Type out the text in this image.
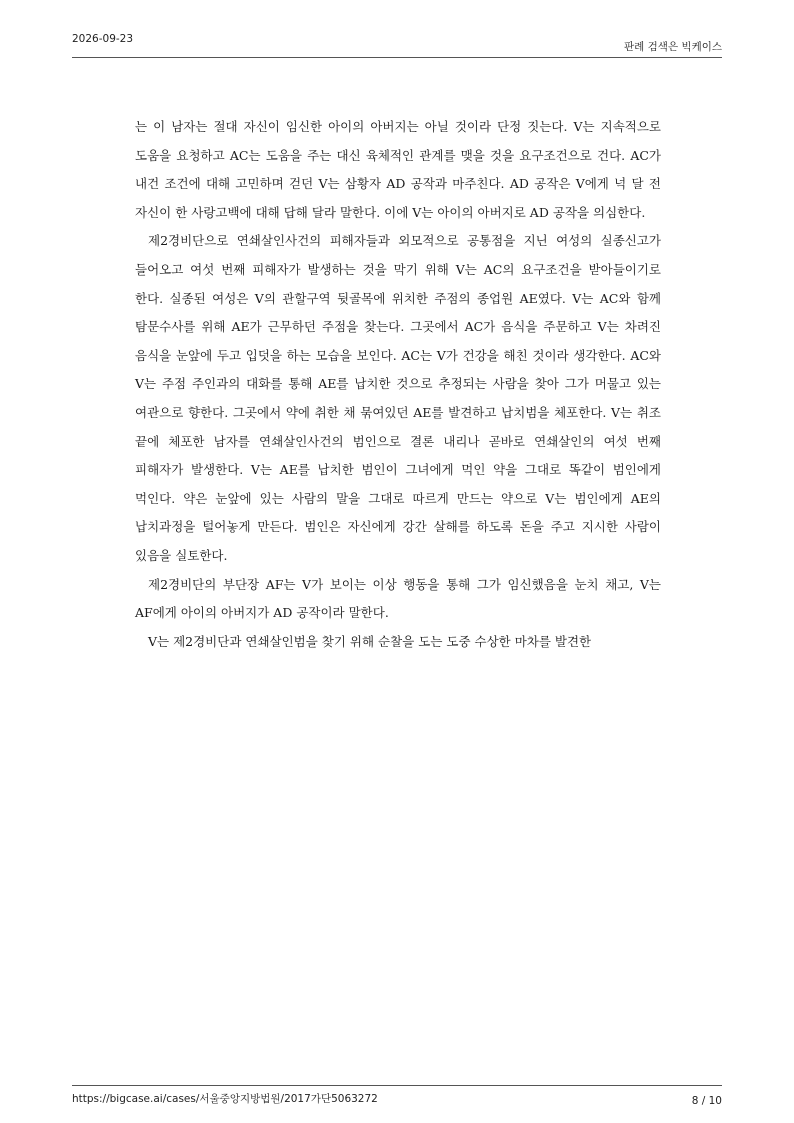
2026-09-23
판례 검색은 빅케이스

는 이 남자는 절대 자신이 임신한 아이의 아버지는 아닐 것이라 단정 짓는다. V는 지속적으로 도움을 요청하고 AC는 도움을 주는 대신 육체적인 관계를 맺을 것을 요구조건으로 건다. AC가 내건 조건에 대해 고민하며 걷던 V는 삼황자 AD 공작과 마주친다. AD 공작은 V에게 넉 달 전 자신이 한 사랑고백에 대해 답해 달라 말한다. 이에 V는 아이의 아버지로 AD 공작을 의심한다.

제2경비단으로 연쇄살인사건의 피해자들과 외모적으로 공통점을 지닌 여성의 실종신고가 들어오고 여섯 번째 피해자가 발생하는 것을 막기 위해 V는 AC의 요구조건을 받아들이기로 한다. 실종된 여성은 V의 관할구역 뒷골목에 위치한 주점의 종업원 AE였다. V는 AC와 함께 탐문수사를 위해 AE가 근무하던 주점을 찾는다. 그곳에서 AC가 음식을 주문하고 V는 차려진 음식을 눈앞에 두고 입덧을 하는 모습을 보인다. AC는 V가 건강을 해친 것이라 생각한다. AC와 V는 주점 주인과의 대화를 통해 AE를 납치한 것으로 추정되는 사람을 찾아 그가 머물고 있는 여관으로 향한다. 그곳에서 약에 취한 채 묶여있던 AE를 발견하고 납치범을 체포한다. V는 취조 끝에 체포한 남자를 연쇄살인사건의 범인으로 결론 내리나 곧바로 연쇄살인의 여섯 번째 피해자가 발생한다. V는 AE를 납치한 범인이 그녀에게 먹인 약을 그대로 똑같이 범인에게 먹인다. 약은 눈앞에 있는 사람의 말을 그대로 따르게 만드는 약으로 V는 범인에게 AE의 납치과정을 털어놓게 만든다. 범인은 자신에게 강간 살해를 하도록 돈을 주고 지시한 사람이 있음을 실토한다.

제2경비단의 부단장 AF는 V가 보이는 이상 행동을 통해 그가 임신했음을 눈치 채고, V는 AF에게 아이의 아버지가 AD 공작이라 말한다.

V는 제2경비단과 연쇄살인범을 찾기 위해 순찰을 도는 도중 수상한 마차를 발견한

https://bigcase.ai/cases/서울중앙지방법원/2017가단5063272	8 / 10
